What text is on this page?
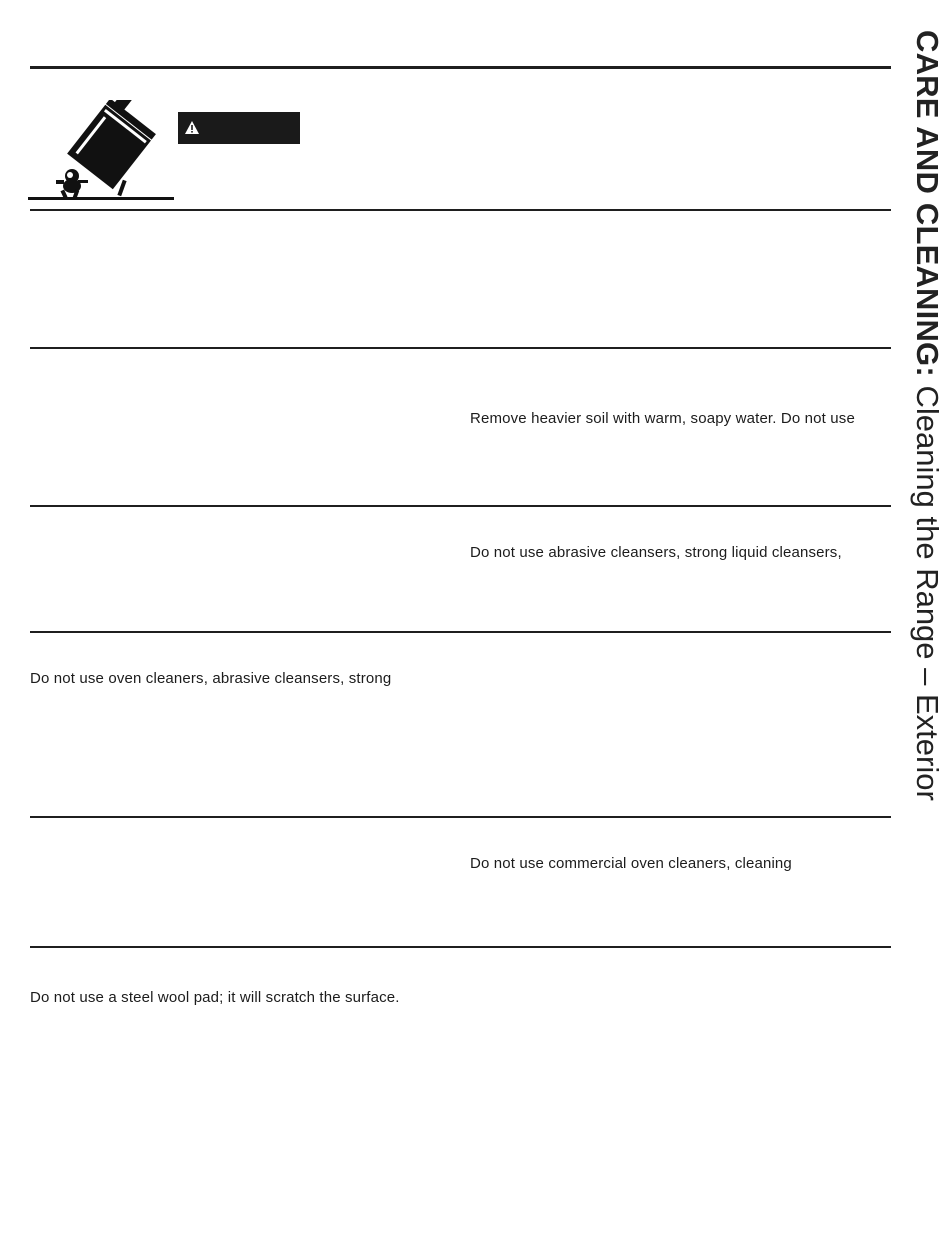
Remove heavier soil with warm, soapy water. Do not use
Do not use abrasive cleansers, strong liquid cleansers,
Do not use oven cleaners, abrasive cleansers, strong
Do not use commercial oven cleaners, cleaning
Do not use a steel wool pad; it will scratch the surface.
CARE AND CLEANING: Cleaning the Range – Exterior
